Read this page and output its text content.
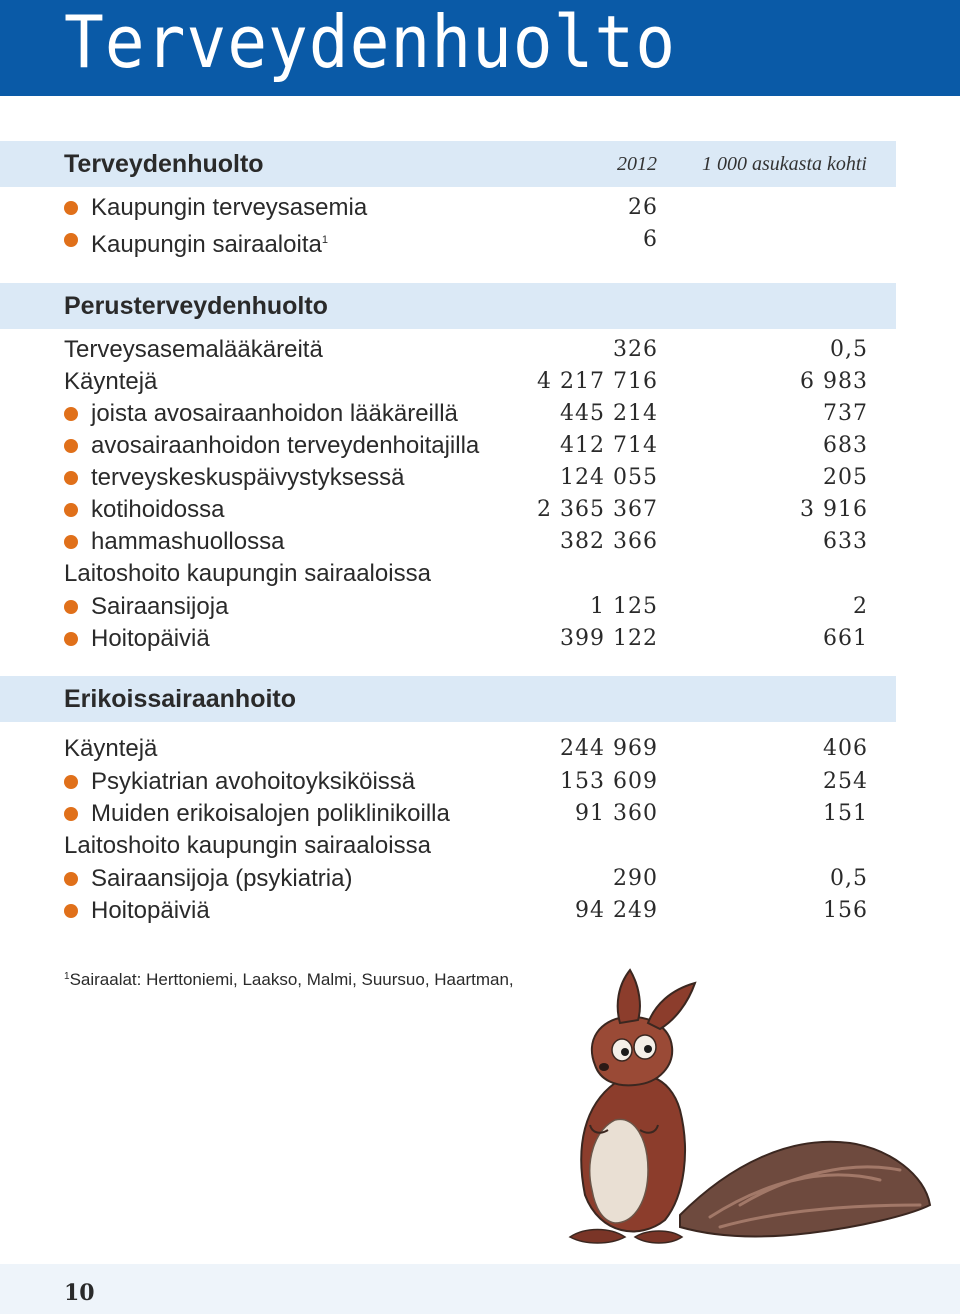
Terveydenhuolto
Terveydenhuolto	2012 1 000 asukasta kohti
Kaupungin terveysasemia	26
Kaupungin sairaaloita$^1$	6
Perusterveydenhuolto
Terveysasemalääkäreitä	326	0,5
Käyntejä	4 217 716	6 983
joista avosairaanhoidon lääkäreillä	445 214	737
avosairaanhoidon terveydenhoitajilla	412 714	683
terveyskeskuspäivystyksessä	124 055	205
kotihoidossa	2 365 367	3 916
hammashuollossa	382 366	633
Laitoshoito kaupungin sairaaloissa
Sairaansijoja	1 125	2
Hoitopäiviä	399 122	661
Erikoissairaanhoito
Käyntejä	244 969	406
Psykiatrian avohoitoyksiköissä	153 609	254
Muiden erikoisalojen poliklinikoilla	91 360	151
Laitoshoito kaupungin sairaaloissa
Sairaansijoja (psykiatria)	290	0,5
Hoitopäiviä	94 249	156
$^1$Sairaalat: Herttoniemi, Laakso, Malmi, Suursuo, Haartman,
10
